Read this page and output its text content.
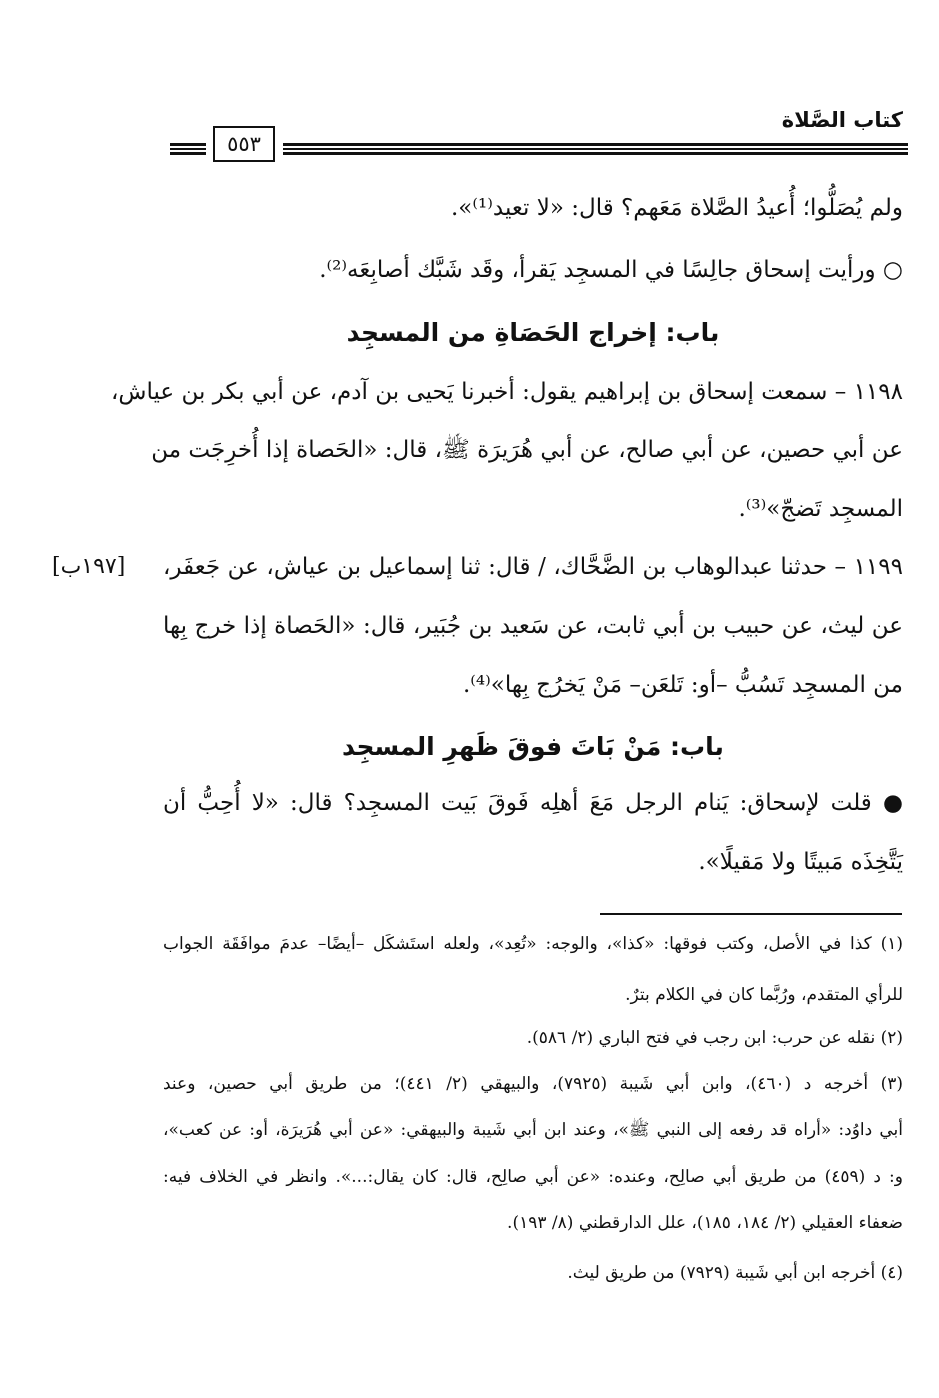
كتاب الصَّلاة
٥٥٣
ولم يُصَلُّوا؛ أُعيدُ الصَّلاة مَعَهم؟ قال: «لا تعيد⁽¹⁾».
○ ورأيت إسحاق جالِسًا في المسجِد يَقرأ، وقَد شَبَّك أصابِعَه⁽²⁾.
باب: إخراج الحَصَاةِ من المسجِد
١١٩٨ – سمعت إسحاق بن إبراهيم يقول: أخبرنا يَحيى بن آدم، عن أبي بكر بن عياش،
عن أبي حصين، عن أبي صالح، عن أبي هُرَيرَة ﷺ، قال: «الحَصاة إذا أُخرِجَت من
المسجِد تَضجّ»⁽³⁾.
١١٩٩ – حدثنا عبدالوهاب بن الضَّحَّاك، / قال: ثنا إسماعيل بن عياش، عن جَعفَر،
[١٩٧ب]
عن ليث، عن حبيب بن أبي ثابت، عن سَعيد بن جُبَير، قال: «الحَصاة إذا خرج بِها
من المسجِد تَسُبُّ –أو: تَلعَن– مَنْ يَخرُج بِها»⁽⁴⁾.
باب: مَنْ بَاتَ فوقَ ظَهرِ المسجِد
● قلت لإسحاق: يَنام الرجل مَعَ أهلِه فَوقَ بَيت المسجِد؟ قال: «لا أُحِبُّ أن
يَتَّخِذَه مَبيتًا ولا مَقيلًا».
(١) كذا في الأصل، وكتب فوقها: «كذا»، والوجه: «تُعِد»، ولعله استَشكَل –أيضًا– عدمَ موافَقَة الجواب
للرأي المتقدم، ورُبَّما كان في الكلام بترٌ.
(٢) نقله عن حرب: ابن رجب في فتح الباري (٢/ ٥٨٦).
(٣) أخرجه د (٤٦٠)، وابن أبي شَيبة (٧٩٢٥)، والبيهقي (٢/ ٤٤١)؛ من طريق أبي حصين، وعند
أبي داوُد: «أراه قد رفعه إلى النبي ﷺ»، وعند ابن أبي شَيبة والبيهقي: «عن أبي هُرَيرَة، أو: عن كعب»،
و: د (٤٥٩) من طريق أبي صالِح، وعنده: «عن أبي صالِح، قال: كان يقال:...». وانظر في الخلاف فيه:
ضعفاء العقيلي (٢/ ١٨٤، ١٨٥)، علل الدارقطني (٨/ ١٩٣).
(٤) أخرجه ابن أبي شَيبة (٧٩٢٩) من طريق ليث.
